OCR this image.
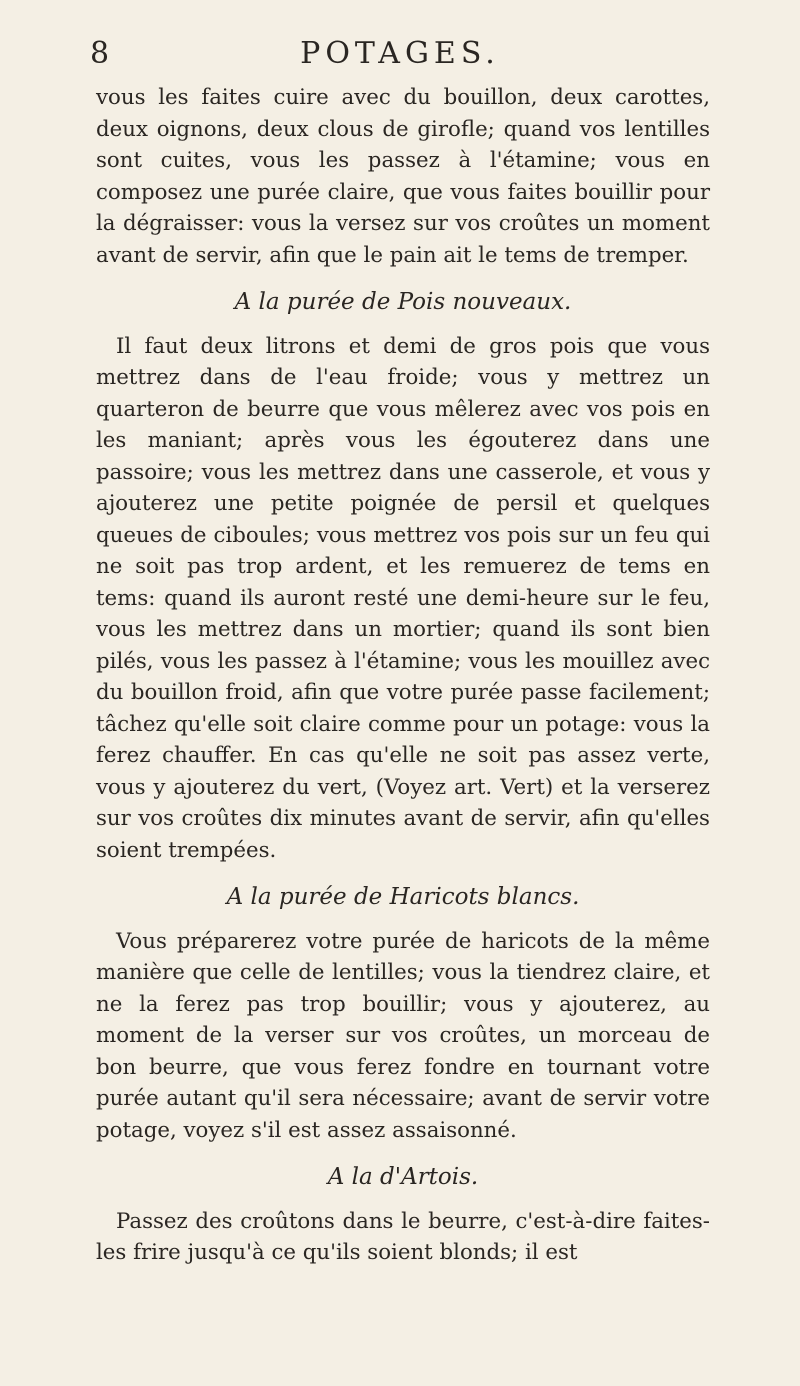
8	POTAGES.

vous les faites cuire avec du bouillon, deux carottes, deux oignons, deux clous de girofle; quand vos lentilles sont cuites, vous les passez à l'étamine; vous en composez une purée claire, que vous faites bouillir pour la dégraisser: vous la versez sur vos croûtes un moment avant de servir, afin que le pain ait le tems de tremper.

A la purée de Pois nouveaux.

Il faut deux litrons et demi de gros pois que vous mettrez dans de l'eau froide; vous y mettrez un quarteron de beurre que vous mêlerez avec vos pois en les maniant; après vous les égouterez dans une passoire; vous les mettrez dans une casserole, et vous y ajouterez une petite poignée de persil et quelques queues de ciboules; vous mettrez vos pois sur un feu qui ne soit pas trop ardent, et les remuerez de tems en tems: quand ils auront resté une demi-heure sur le feu, vous les mettrez dans un mortier; quand ils sont bien pilés, vous les passez à l'étamine; vous les mouillez avec du bouillon froid, afin que votre purée passe facilement; tâchez qu'elle soit claire comme pour un potage: vous la ferez chauffer. En cas qu'elle ne soit pas assez verte, vous y ajouterez du vert, (Voyez art. Vert) et la verserez sur vos croûtes dix minutes avant de servir, afin qu'elles soient trempées.

A la purée de Haricots blancs.

Vous préparerez votre purée de haricots de la même manière que celle de lentilles; vous la tiendrez claire, et ne la ferez pas trop bouillir; vous y ajouterez, au moment de la verser sur vos croûtes, un morceau de bon beurre, que vous ferez fondre en tournant votre purée autant qu'il sera nécessaire; avant de servir votre potage, voyez s'il est assez assaisonné.

A la d'Artois.

Passez des croûtons dans le beurre, c'est-à-dire faites-les frire jusqu'à ce qu'ils soient blonds; il est
